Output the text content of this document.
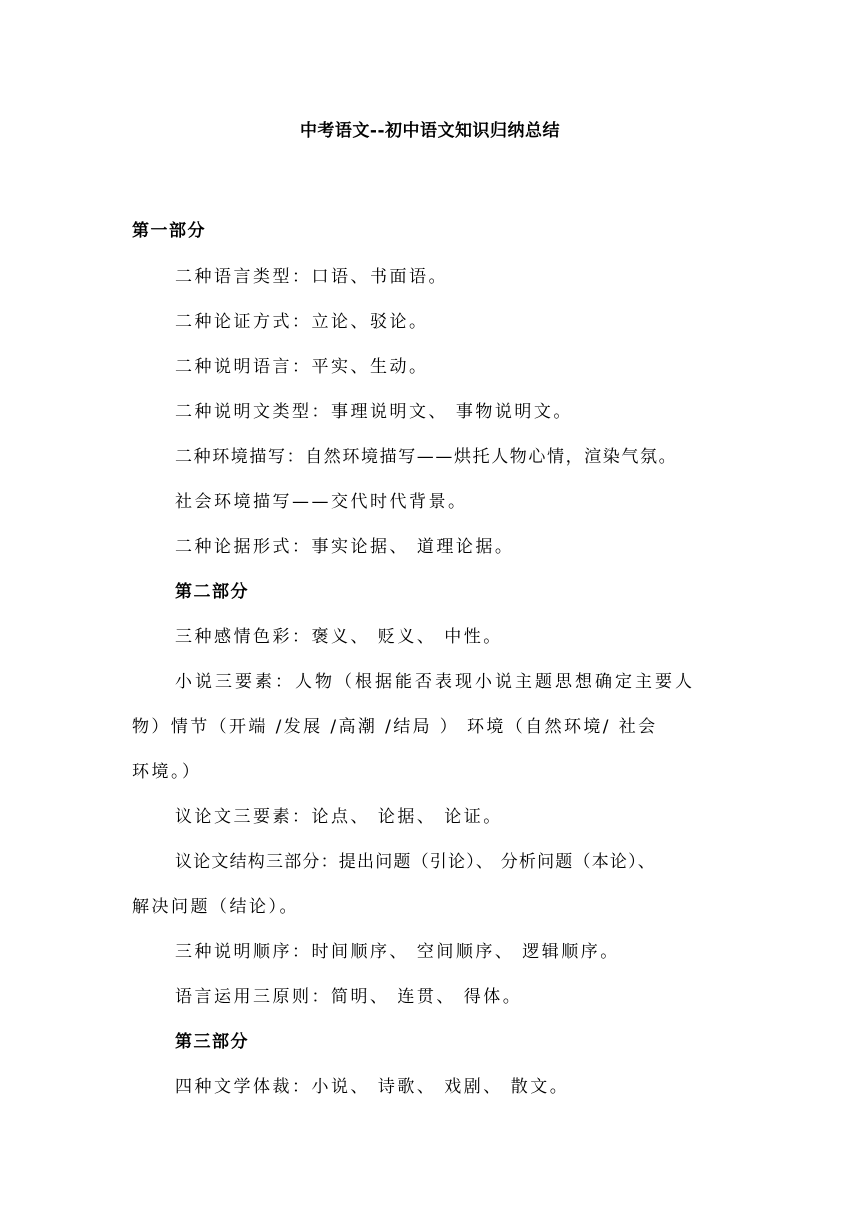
中考语文--初中语文知识归纳总结
第一部分
二种语言类型：口语、书面语。
二种论证方式：立论、驳论。
二种说明语言：平实、生动。
二种说明文类型：事理说明文、 事物说明文。
二种环境描写：自然环境描写——烘托人物心情，渲染气氛。
社会环境描写——交代时代背景。
二种论据形式：事实论据、 道理论据。
第二部分
三种感情色彩：褒义、 贬义、 中性。
小说三要素：人物（根据能否表现小说主题思想确定主要人
物）情节（开端 /发展 /高潮 /结局 ） 环境（自然环境/ 社会
环境。）
议论文三要素：论点、 论据、 论证。
议论文结构三部分：提出问题（引论）、 分析问题（本论）、
解决问题（结论）。
三种说明顺序：时间顺序、 空间顺序、 逻辑顺序。
语言运用三原则：简明、 连贯、 得体。
第三部分
四种文学体裁：小说、 诗歌、 戏剧、 散文。
